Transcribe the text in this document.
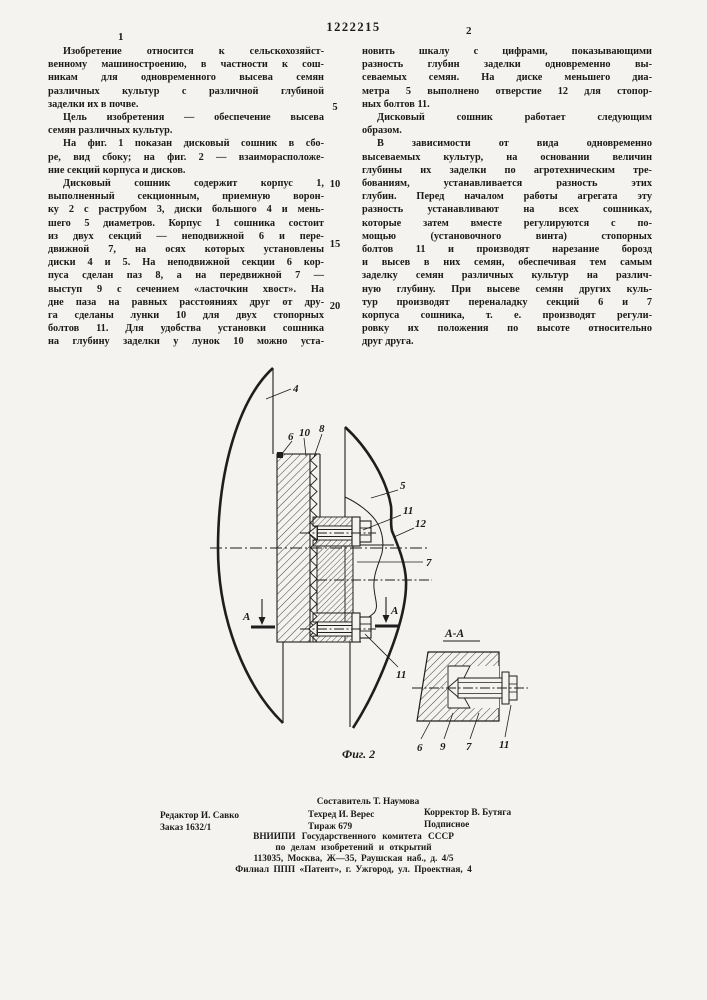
1
1222215	2
Изобретение относится к сельскохозяйст-
венному машиностроению, в частности к сош-
никам для одновременного высева семян
различных культур с различной глубиной
заделки их в почве.
Цель изобретения — обеспечение высева
семян различных культур.
На фиг. 1 показан дисковый сошник в сбо-
ре, вид сбоку; на фиг. 2 — взаиморасположе-
ние секций корпуса и дисков.
Дисковый сошник содержит корпус 1,
выполненный секционным, приемную ворон-
ку 2 с раструбом 3, диски большого 4 и мень-
шего 5 диаметров. Корпус 1 сошника состоит
из двух секций — неподвижной 6 и пере-
движной 7, на осях которых установлены
диски 4 и 5. На неподвижной секции 6 кор-
пуса сделан паз 8, а на передвижной 7 —
выступ 9 с сечением «ласточкин хвост». На
дне паза на равных расстояниях друг от дру-
га сделаны лунки 10 для двух стопорных
болтов 11. Для удобства установки сошника
на глубину заделки у лунок 10 можно уста-
5
10
15
20
новить шкалу с цифрами, показывающими
разность глубин заделки одновременно вы-
севаемых семян. На диске меньшего диа-
метра 5 выполнено отверстие 12 для стопор-
ных болтов 11.
Дисковый сошник работает следующим
образом.
В зависимости от вида одновременно
высеваемых культур, на основании величин
глубины их заделки по агротехническим тре-
бованиям, устанавливается разность этих
глубин. Перед началом работы агрегата эту
разность устанавливают на всех сошниках,
которые затем вместе регулируются с по-
мощью (установочного винта) стопорных
болтов 11 и производят нарезание борозд
и высев в них семян, обеспечивая тем самым
заделку семян различных культур на различ-
ную глубину. При высеве семян других куль-
тур производят переналадку секций 6 и 7
корпуса сошника, т. е. производят регули-
ровку их положения по высоте относительно
друг друга.
4
6 10 8
5
11
12
7
А	А
11
А-А
6 9 7	11
Фиг. 2
Составитель Т. Наумова
Редактор И. Савко	Техред И. Верес	Корректор В. Бутяга
Заказ 1632/1	Тираж 679	Подписное
ВНИИПИ Государственного комитета СССР
по делам изобретений и открытий
113035, Москва, Ж—35, Раушская наб., д. 4/5
Филиал ППП «Патент», г. Ужгород, ул. Проектная, 4
